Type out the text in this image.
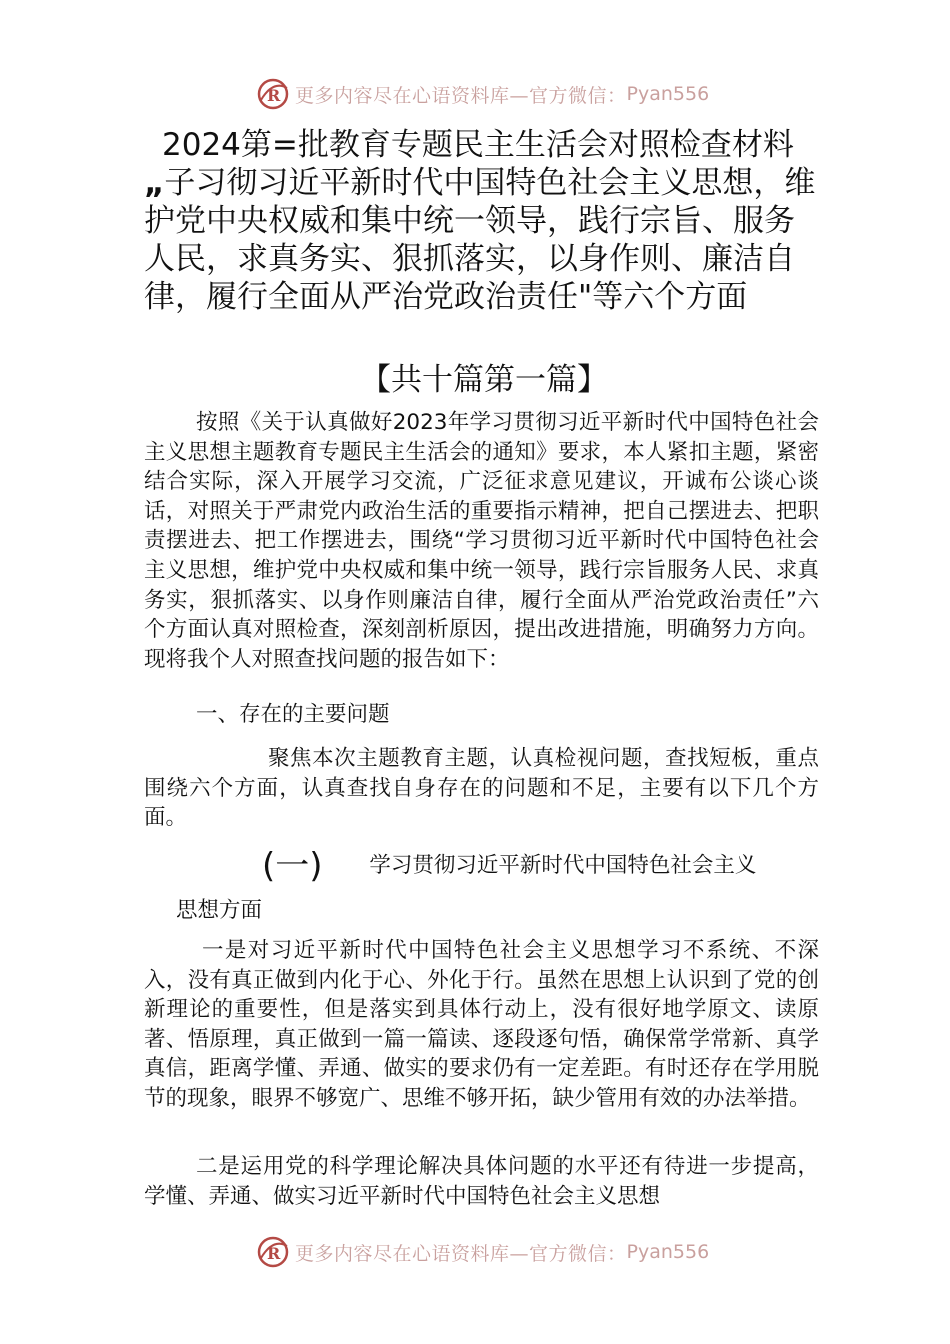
R 更多内容尽在心语资料库—官方微信： Pyan556
2024第=批教育专题民主生活会对照检查材料
„子习彻习近平新时代中国特色社会主义思想，维护党中央权威和集中统一领导，践行宗旨、服务人民，求真务实、狠抓落实，以身作则、廉洁自律，履行全面从严治党政治责任"等六个方面
【共十篇第一篇】
按照《关于认真做好2023年学习贯彻习近平新时代中国特色社会主义思想主题教育专题民主生活会的通知》要求，本人紧扣主题，紧密结合实际，深入开展学习交流，广泛征求意见建议，开诚布公谈心谈话，对照关于严肃党内政治生活的重要指示精神，把自己摆进去、把职责摆进去、把工作摆进去，围绕“学习贯彻习近平新时代中国特色社会主义思想，维护党中央权威和集中统一领导，践行宗旨服务人民、求真务实，狠抓落实、以身作则廉洁自律，履行全面从严治党政治责任”六个方面认真对照检查，深刻剖析原因，提出改进措施，明确努力方向。现将我个人对照查找问题的报告如下：
一、存在的主要问题
聚焦本次主题教育主题，认真检视问题，查找短板，重点围绕六个方面，认真查找自身存在的问题和不足，主要有以下几个方面。
(一) 学习贯彻习近平新时代中国特色社会主义
思想方面
一是对习近平新时代中国特色社会主义思想学习不系统、不深入，没有真正做到内化于心、外化于行。虽然在思想上认识到了党的创新理论的重要性，但是落实到具体行动上，没有很好地学原文、读原著、悟原理，真正做到一篇一篇读、逐段逐句悟，确保常学常新、真学真信，距离学懂、弄通、做实的要求仍有一定差距。有时还存在学用脱节的现象，眼界不够宽广、思维不够开拓，缺少管用有效的办法举措。
二是运用党的科学理论解决具体问题的水平还有待进一步提高，学懂、弄通、做实习近平新时代中国特色社会主义思想
R 更多内容尽在心语资料库—官方微信： Pyan556
